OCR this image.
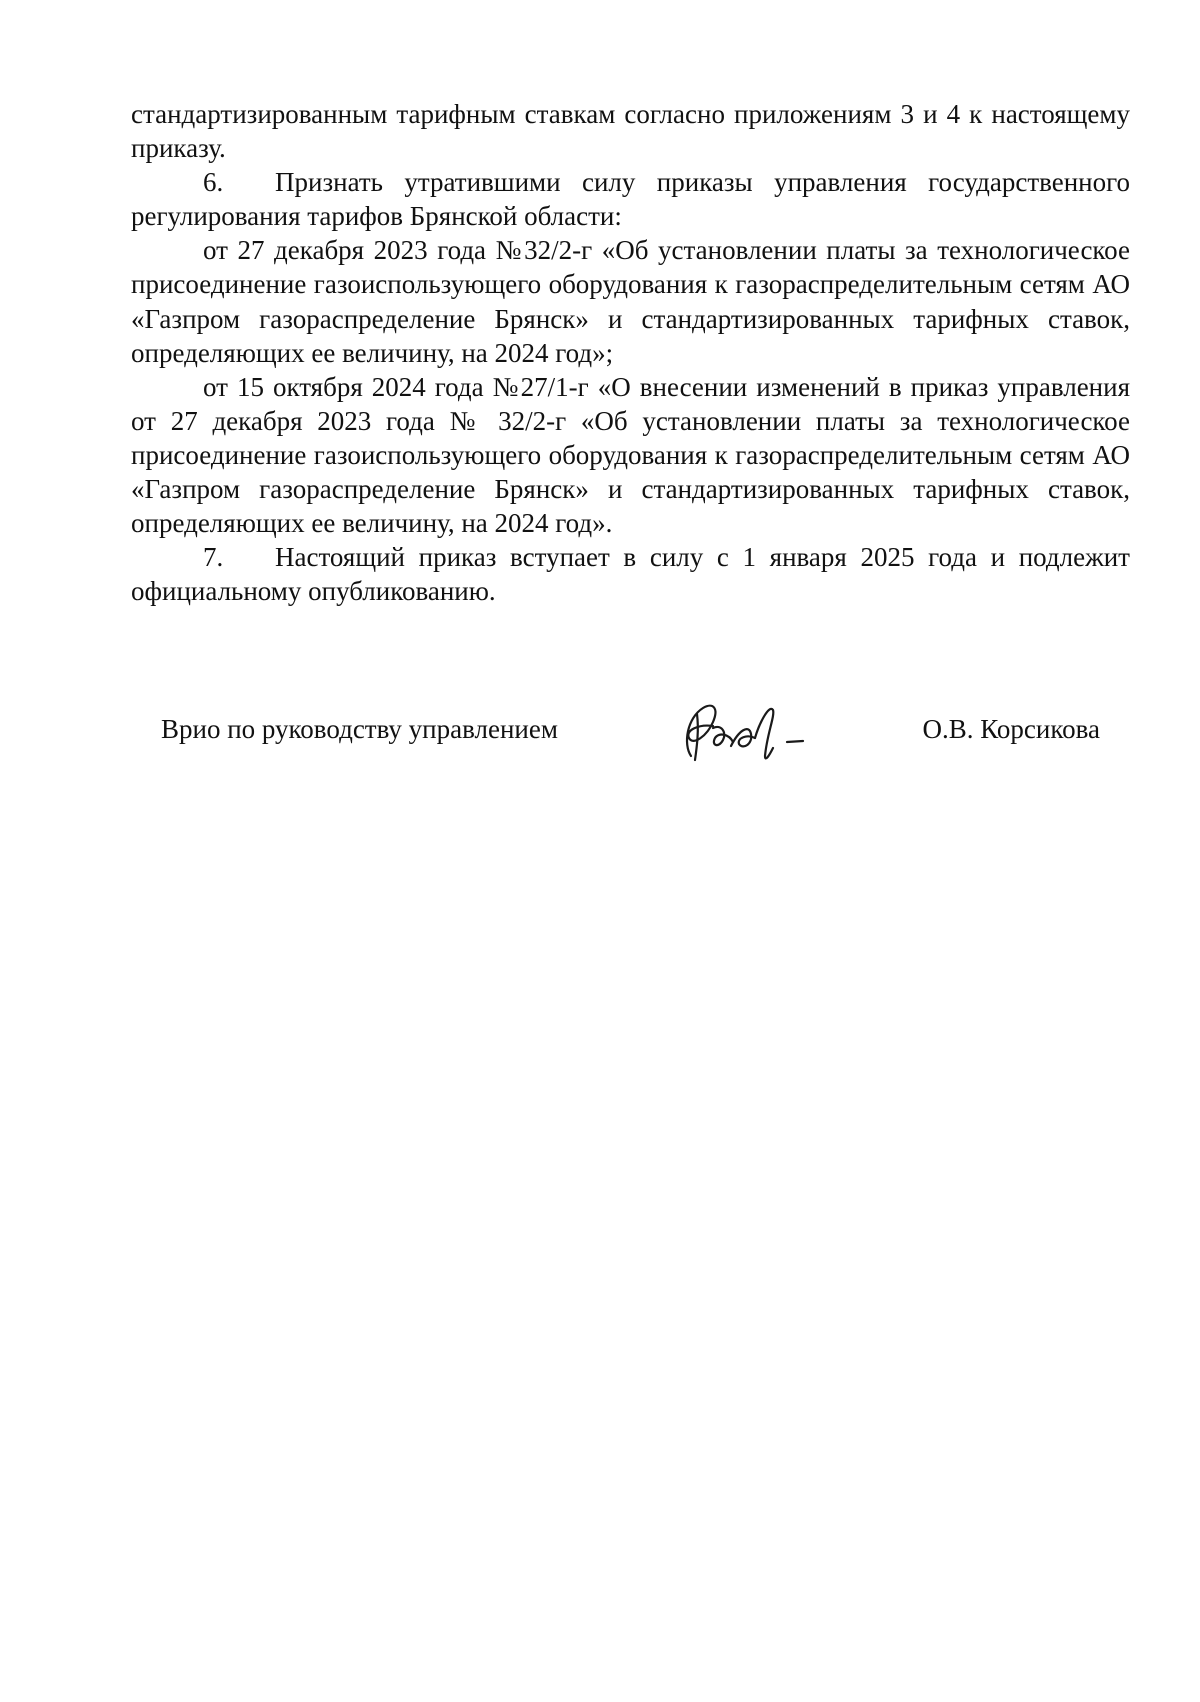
стандартизированным тарифным ставкам согласно приложениям 3 и 4 к настоящему приказу.

6. Признать утратившими силу приказы управления государственного регулирования тарифов Брянской области:

от 27 декабря 2023 года №32/2-г «Об установлении платы за технологическое присоединение газоиспользующего оборудования к газораспределительным сетям АО «Газпром газораспределение Брянск» и стандартизированных тарифных ставок, определяющих ее величину, на 2024 год»;

от 15 октября 2024 года №27/1-г «О внесении изменений в приказ управления от 27 декабря 2023 года № 32/2-г «Об установлении платы за технологическое присоединение газоиспользующего оборудования к газораспределительным сетям АО «Газпром газораспределение Брянск» и стандартизированных тарифных ставок, определяющих ее величину, на 2024 год».

7. Настоящий приказ вступает в силу с 1 января 2025 года и подлежит официальному опубликованию.

Врио по руководству управлением	О.В. Корсикова
